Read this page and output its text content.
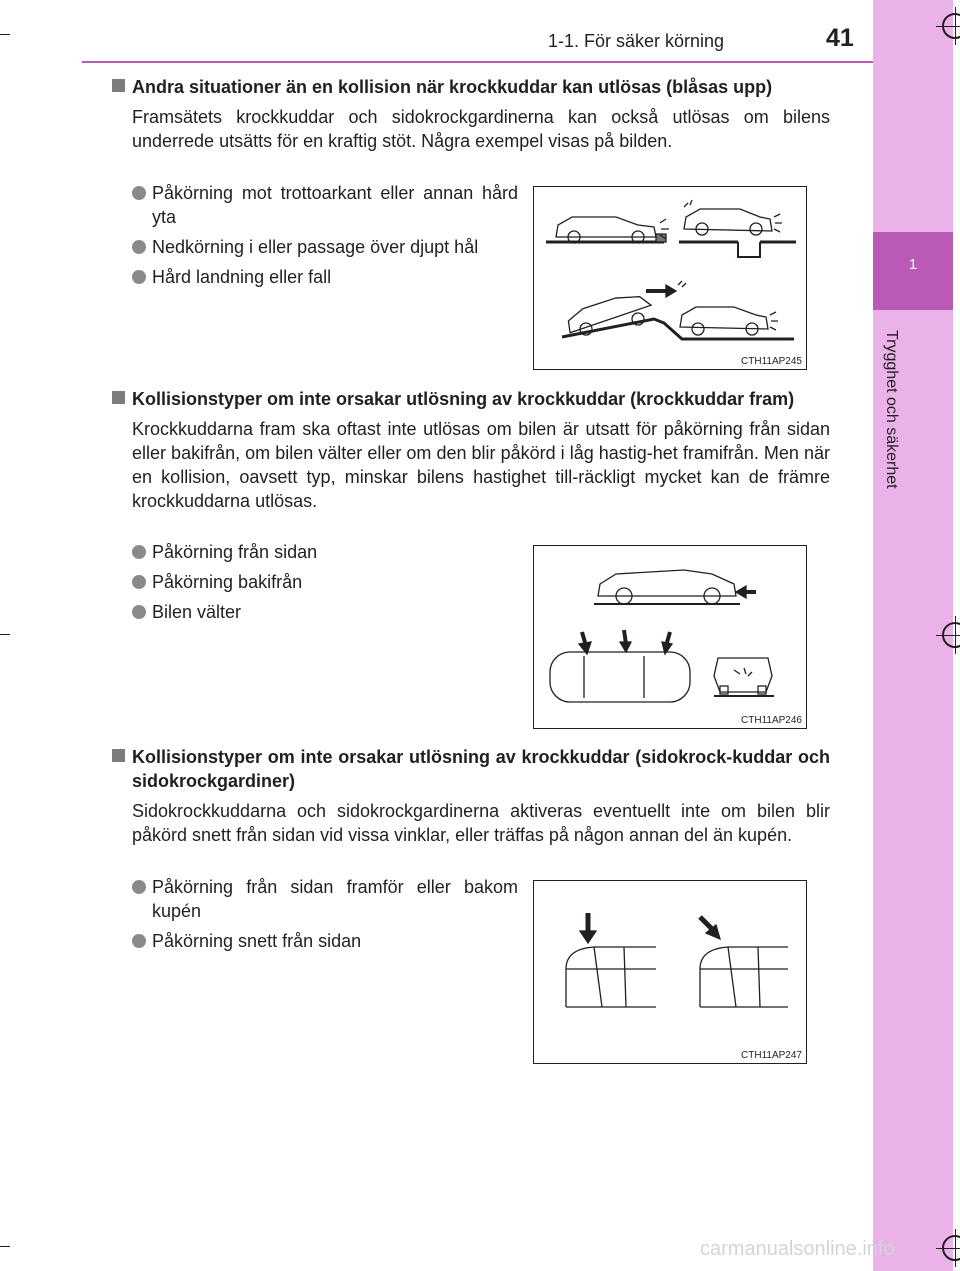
1
Trygghet och säkerhet
1-1. För säker körning	41
Andra situationer än en kollision när krockkuddar kan utlösas (blåsas upp)
Framsätets krockkuddar och sidokrockgardinerna kan också utlösas om bilens underrede utsätts för en kraftig stöt. Några exempel visas på bilden.
Påkörning mot trottoarkant eller annan hård yta
Nedkörning i eller passage över djupt hål
Hård landning eller fall
CTH11AP245
Kollisionstyper om inte orsakar utlösning av krockkuddar (krockkuddar fram)
Krockkuddarna fram ska oftast inte utlösas om bilen är utsatt för påkörning från sidan eller bakifrån, om bilen välter eller om den blir påkörd i låg hastig-het framifrån. Men när en kollision, oavsett typ, minskar bilens hastighet till-räckligt mycket kan de främre krockkuddarna utlösas.
Påkörning från sidan
Påkörning bakifrån
Bilen välter
CTH11AP246
Kollisionstyper om inte orsakar utlösning av krockkuddar (sidokrock-kuddar och sidokrockgardiner)
Sidokrockkuddarna och sidokrockgardinerna aktiveras eventuellt inte om bilen blir påkörd snett från sidan vid vissa vinklar, eller träffas på någon annan del än kupén.
Påkörning från sidan framför eller bakom kupén
Påkörning snett från sidan
CTH11AP247
carmanualsonline.info
